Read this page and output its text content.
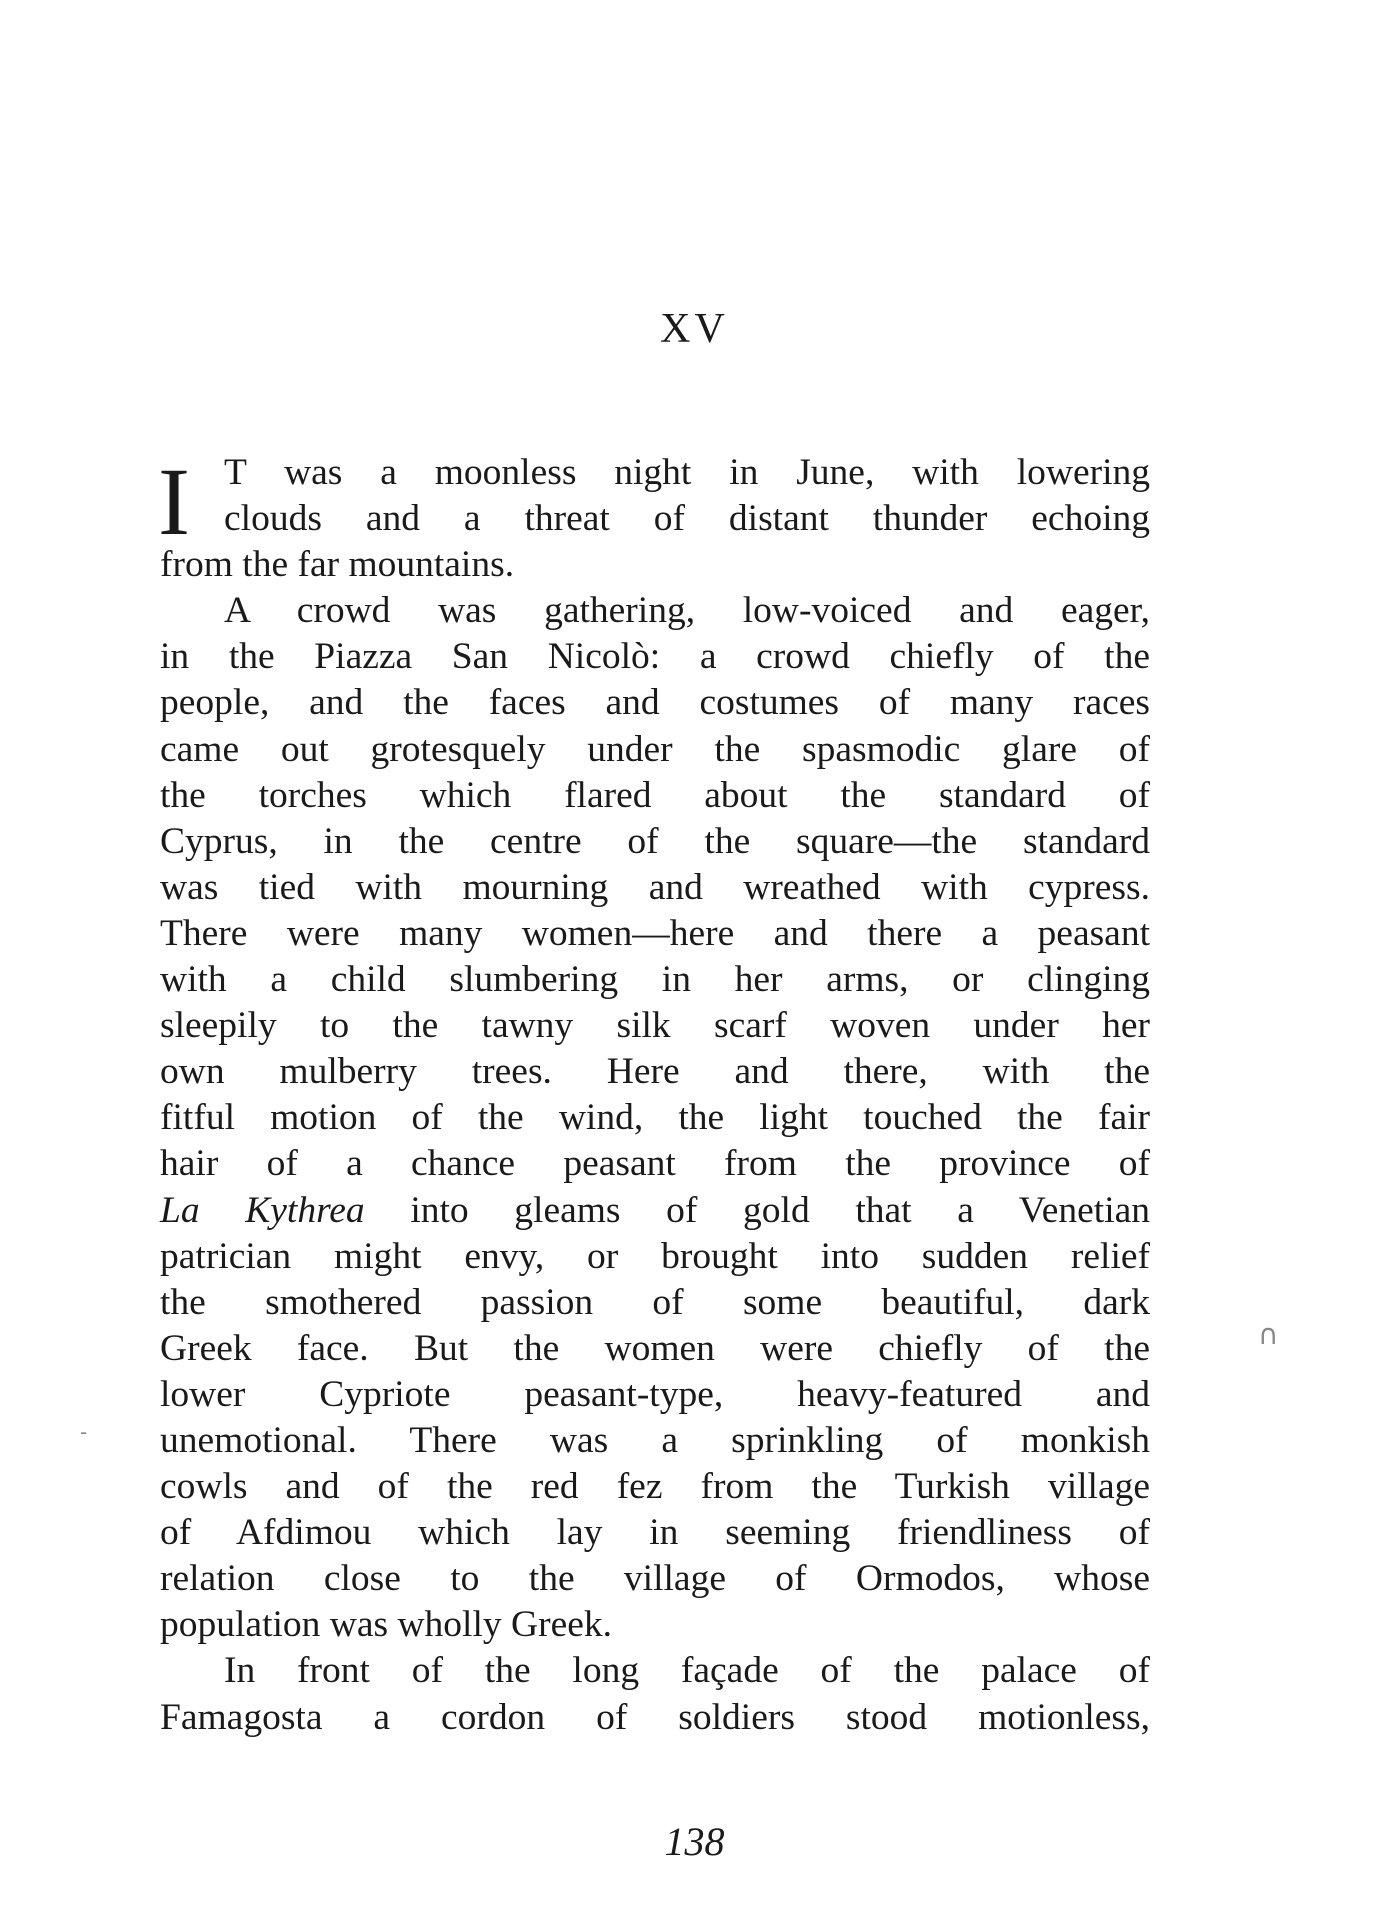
XV
I T was a moonless night in June, with lowering
clouds and a threat of distant thunder echoing
from the far mountains.
A crowd was gathering, low-voiced and eager,
in the Piazza San Nicolò: a crowd chiefly of the
people, and the faces and costumes of many races
came out grotesquely under the spasmodic glare of
the torches which flared about the standard of
Cyprus, in the centre of the square—the standard
was tied with mourning and wreathed with cypress.
There were many women—here and there a peasant
with a child slumbering in her arms, or clinging
sleepily to the tawny silk scarf woven under her
own mulberry trees. Here and there, with the
fitful motion of the wind, the light touched the fair
hair of a chance peasant from the province of
La Kythrea into gleams of gold that a Venetian
patrician might envy, or brought into sudden relief
the smothered passion of some beautiful, dark
Greek face. But the women were chiefly of the
lower Cypriote peasant-type, heavy-featured and
unemotional. There was a sprinkling of monkish
cowls and of the red fez from the Turkish village
of Afdimou which lay in seeming friendliness of
relation close to the village of Ormodos, whose
population was wholly Greek.
In front of the long façade of the palace of
Famagosta a cordon of soldiers stood motionless,
138
∩
-
